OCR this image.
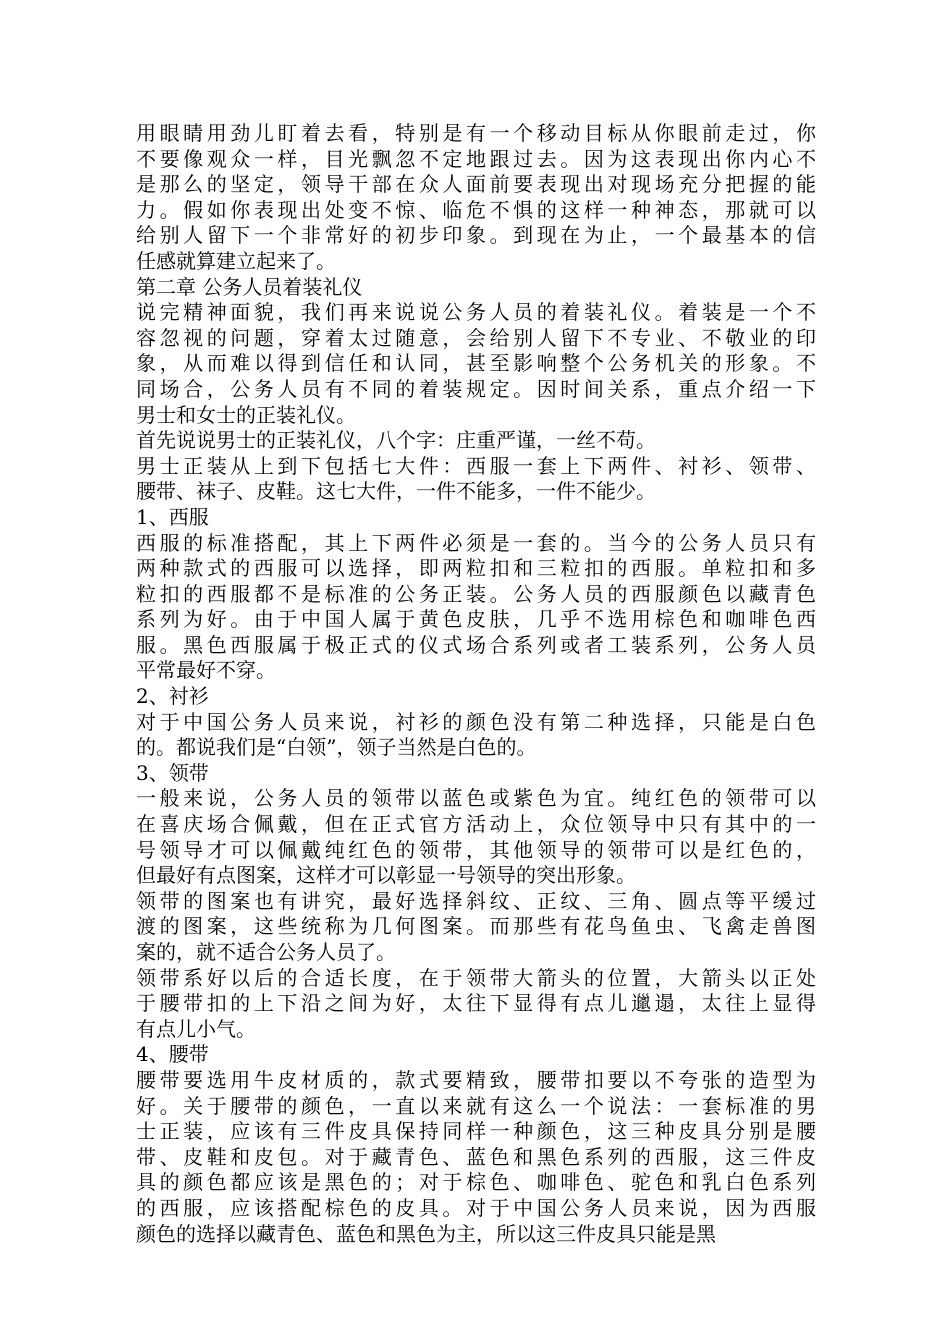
用眼睛用劲儿盯着去看，特别是有一个移动目标从你眼前走过，你
不要像观众一样，目光飘忽不定地跟过去。因为这表现出你内心不
是那么的坚定，领导干部在众人面前要表现出对现场充分把握的能
力。假如你表现出处变不惊、临危不惧的这样一种神态，那就可以
给别人留下一个非常好的初步印象。到现在为止，一个最基本的信
任感就算建立起来了。
第二章 公务人员着装礼仪
说完精神面貌，我们再来说说公务人员的着装礼仪。着装是一个不
容忽视的问题，穿着太过随意，会给别人留下不专业、不敬业的印
象，从而难以得到信任和认同，甚至影响整个公务机关的形象。不
同场合，公务人员有不同的着装规定。因时间关系，重点介绍一下
男士和女士的正装礼仪。
首先说说男士的正装礼仪，八个字：庄重严谨，一丝不苟。
男士正装从上到下包括七大件：西服一套上下两件、衬衫、领带、
腰带、袜子、皮鞋。这七大件，一件不能多，一件不能少。
1、西服
西服的标准搭配，其上下两件必须是一套的。当今的公务人员只有
两种款式的西服可以选择，即两粒扣和三粒扣的西服。单粒扣和多
粒扣的西服都不是标准的公务正装。公务人员的西服颜色以藏青色
系列为好。由于中国人属于黄色皮肤，几乎不选用棕色和咖啡色西
服。黑色西服属于极正式的仪式场合系列或者工装系列，公务人员
平常最好不穿。
2、衬衫
对于中国公务人员来说，衬衫的颜色没有第二种选择，只能是白色
的。都说我们是“白领”，领子当然是白色的。
3、领带
一般来说，公务人员的领带以蓝色或紫色为宜。纯红色的领带可以
在喜庆场合佩戴，但在正式官方活动上，众位领导中只有其中的一
号领导才可以佩戴纯红色的领带，其他领导的领带可以是红色的，
但最好有点图案，这样才可以彰显一号领导的突出形象。
领带的图案也有讲究，最好选择斜纹、正纹、三角、圆点等平缓过
渡的图案，这些统称为几何图案。而那些有花鸟鱼虫、飞禽走兽图
案的，就不适合公务人员了。
领带系好以后的合适长度，在于领带大箭头的位置，大箭头以正处
于腰带扣的上下沿之间为好，太往下显得有点儿邋遢，太往上显得
有点儿小气。
4、腰带
腰带要选用牛皮材质的，款式要精致，腰带扣要以不夸张的造型为
好。关于腰带的颜色，一直以来就有这么一个说法：一套标准的男
士正装，应该有三件皮具保持同样一种颜色，这三种皮具分别是腰
带、皮鞋和皮包。对于藏青色、蓝色和黑色系列的西服，这三件皮
具的颜色都应该是黑色的；对于棕色、咖啡色、驼色和乳白色系列
的西服，应该搭配棕色的皮具。对于中国公务人员来说，因为西服
颜色的选择以藏青色、蓝色和黑色为主，所以这三件皮具只能是黑
